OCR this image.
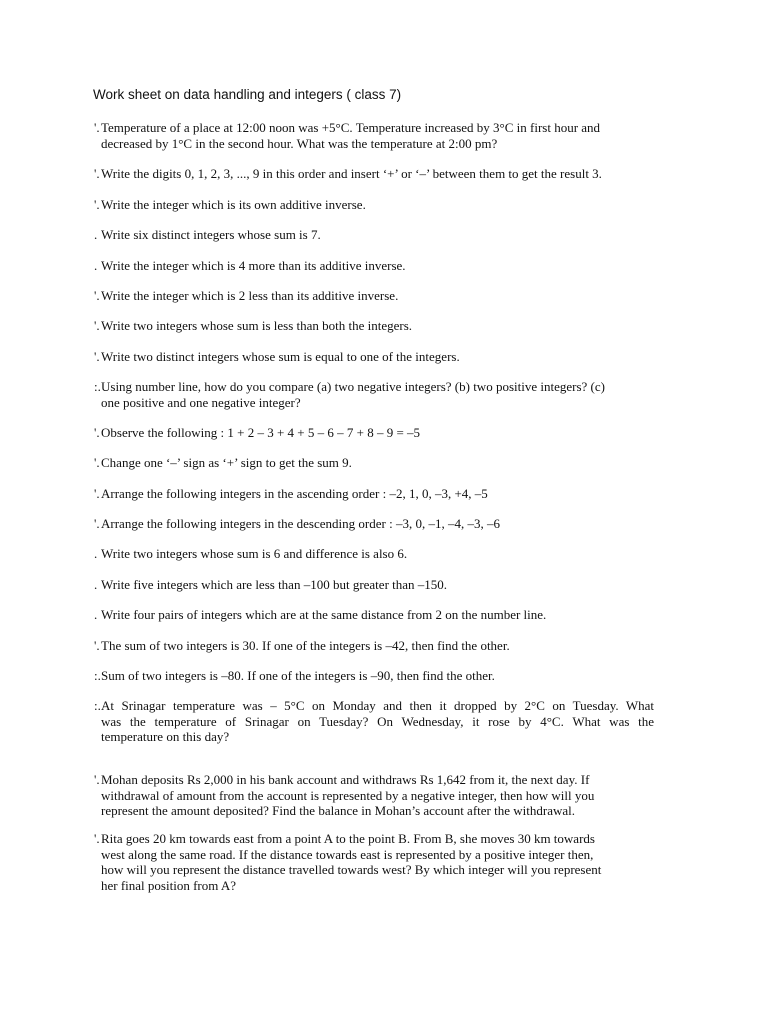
Work sheet on data handling and integers ( class 7)
'.Temperature of a place at 12:00 noon was +5°C. Temperature increased by 3°C in first hour and
decreased by 1°C in the second hour. What was the temperature at 2:00 pm?
'.Write the digits 0, 1, 2, 3, ..., 9 in this order and insert ‘+’ or ‘–’ between them to get the result 3.
'.Write the integer which is its own additive inverse.
. Write six distinct integers whose sum is 7.
. Write the integer which is 4 more than its additive inverse.
'.Write the integer which is 2 less than its additive inverse.
'.Write two integers whose sum is less than both the integers.
'.Write two distinct integers whose sum is equal to one of the integers.
:.Using number line, how do you compare (a) two negative integers? (b) two positive integers? (c)
one positive and one negative integer?
'.Observe the following : 1 + 2 – 3 + 4 + 5 – 6 – 7 + 8 – 9 = –5
'.Change one ‘–’ sign as ‘+’ sign to get the sum 9.
'.Arrange the following integers in the ascending order : –2, 1, 0, –3, +4, –5
'.Arrange the following integers in the descending order : –3, 0, –1, –4, –3, –6
. Write two integers whose sum is 6 and difference is also 6.
. Write five integers which are less than –100 but greater than –150.
. Write four pairs of integers which are at the same distance from 2 on the number line.
'.The sum of two integers is 30. If one of the integers is –42, then find the other.
:.Sum of two integers is –80. If one of the integers is –90, then find the other.
:.At Srinagar temperature was – 5°C on Monday and then it dropped by 2°C on Tuesday. What
was the temperature of Srinagar on Tuesday? On Wednesday, it rose by 4°C. What was the
temperature on this day?
'.Mohan deposits Rs 2,000 in his bank account and withdraws Rs 1,642 from it, the next day. If
withdrawal of amount from the account is represented by a negative integer, then how will you
represent the amount deposited? Find the balance in Mohan’s account after the withdrawal.
'.Rita goes 20 km towards east from a point A to the point B. From B, she moves 30 km towards
west along the same road. If the distance towards east is represented by a positive integer then,
how will you represent the distance travelled towards west? By which integer will you represent
her final position from A?
